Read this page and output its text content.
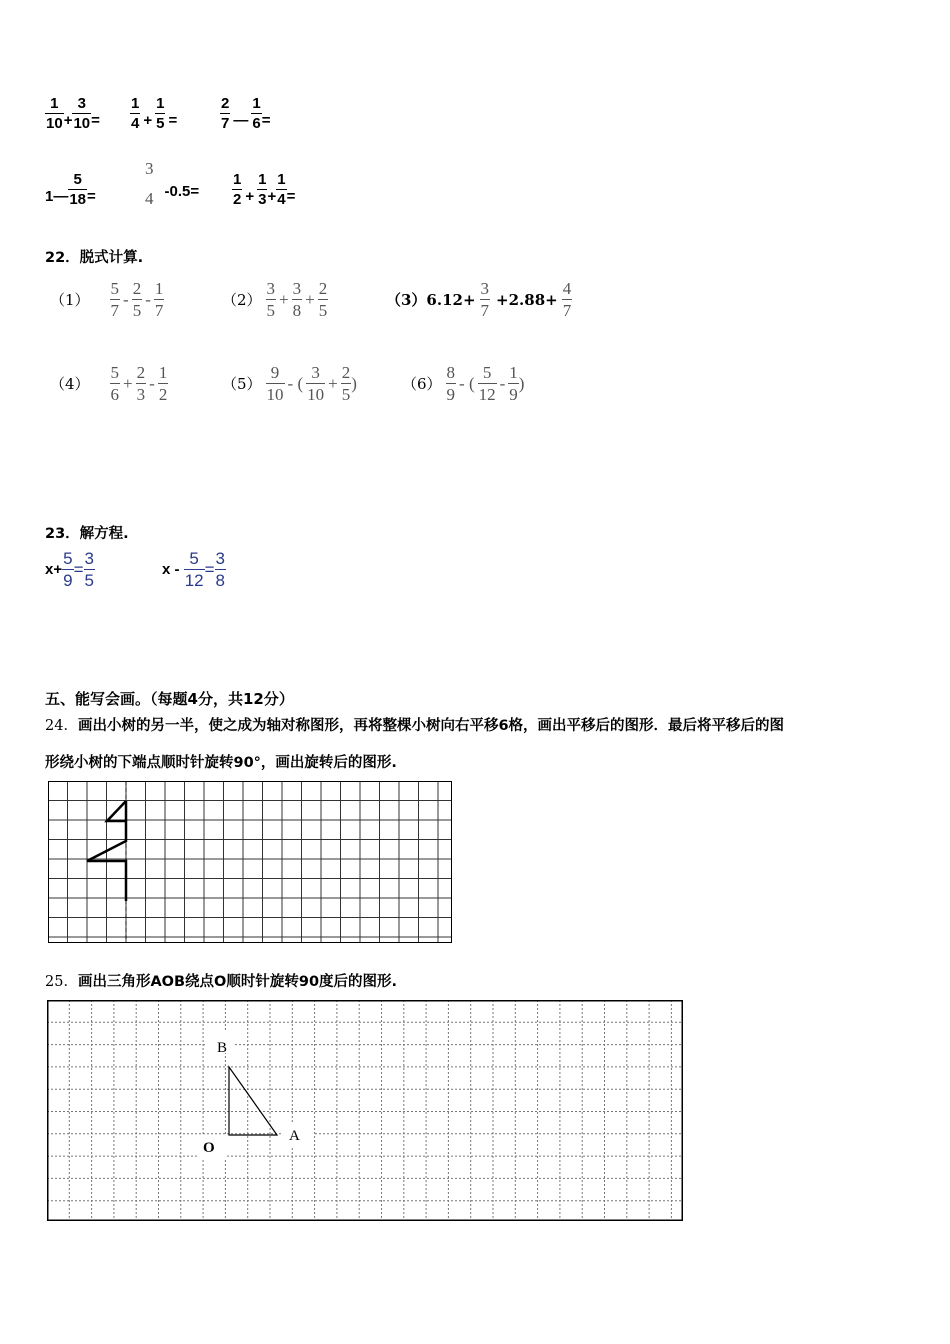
$\frac{1}{10} + \frac{3}{10} = \frac{1}{4} + \frac{1}{5}$ =	$\frac{2}{7}$ — $\frac{1}{6}$ =
1— $\frac{5}{18}$ =
3
4 $-0.5= \frac{1}{2} + \frac{1}{3} + \frac{1}{4}$ =
22．脱式计算.
$(1) \frac{5}{7} - \frac{2}{5} - \frac{1}{7}$	$(2) \frac{3}{5} + \frac{3}{8} + \frac{2}{5}$	$(3)6.12+ \frac{3}{7} +2.88+ \frac{4}{7}$
$(4) \frac{5}{6} + \frac{2}{3} - \frac{1}{2}$	$(5) \frac{9}{10}$ - ( $\frac{3}{10} + \frac{2}{5}$ )	$(6) \frac{8}{9}$ - ( $\frac{5}{12} - \frac{1}{9}$ )
23．解方程.
$x+ \frac{5}{9} = \frac{3}{5}$	$x - \frac{5}{12} = \frac{3}{8}$
五、能写会画。（每题4分，共12分）
24．画出小树的另一半，使之成为轴对称图形，再将整棵小树向右平移6格，画出平移后的图形．最后将平移后的图
形绕小树的下端点顺时针旋转90°，画出旋转后的图形.
25．画出三角形AOB绕点O顺时针旋转90度后的图形.
B
A
O
